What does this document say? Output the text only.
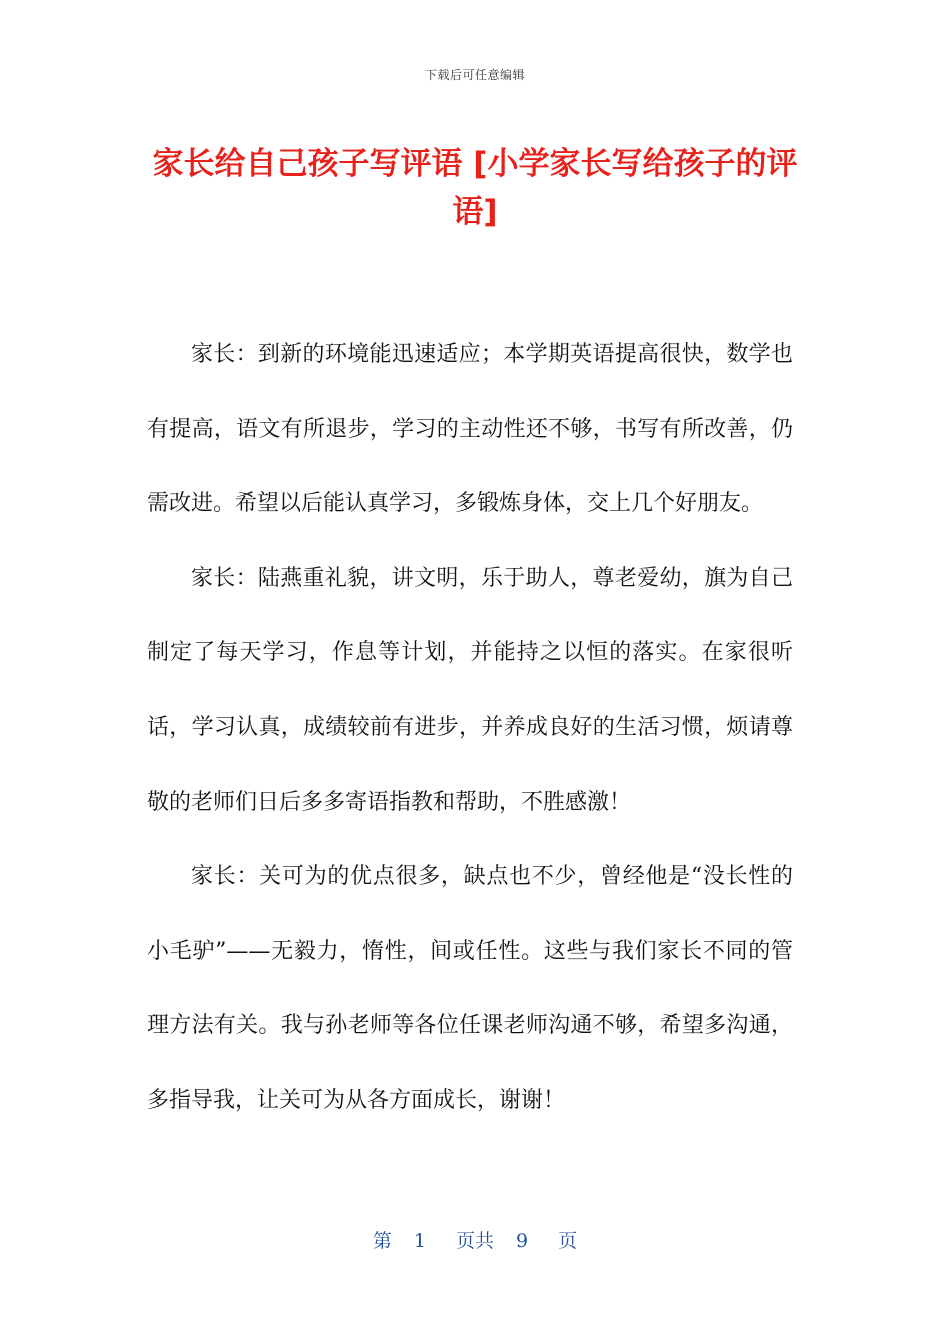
下载后可任意编辑
家长给自己孩子写评语 [小学家长写给孩子的评语]

家长：到新的环境能迅速适应；本学期英语提高很快，数学也有提高，语文有所退步，学习的主动性还不够，书写有所改善，仍需改进。希望以后能认真学习，多锻炼身体，交上几个好朋友。

家长：陆燕重礼貌，讲文明，乐于助人，尊老爱幼，旗为自己制定了每天学习，作息等计划，并能持之以恒的落实。在家很听话，学习认真，成绩较前有进步，并养成良好的生活习惯，烦请尊敬的老师们日后多多寄语指教和帮助，不胜感激！

家长：关可为的优点很多，缺点也不少，曾经他是“没长性的小毛驴”——无毅力，惰性，间或任性。这些与我们家长不同的管理方法有关。我与孙老师等各位任课老师沟通不够，希望多沟通，多指导我，让关可为从各方面成长，谢谢！

第 1 页共 9 页
